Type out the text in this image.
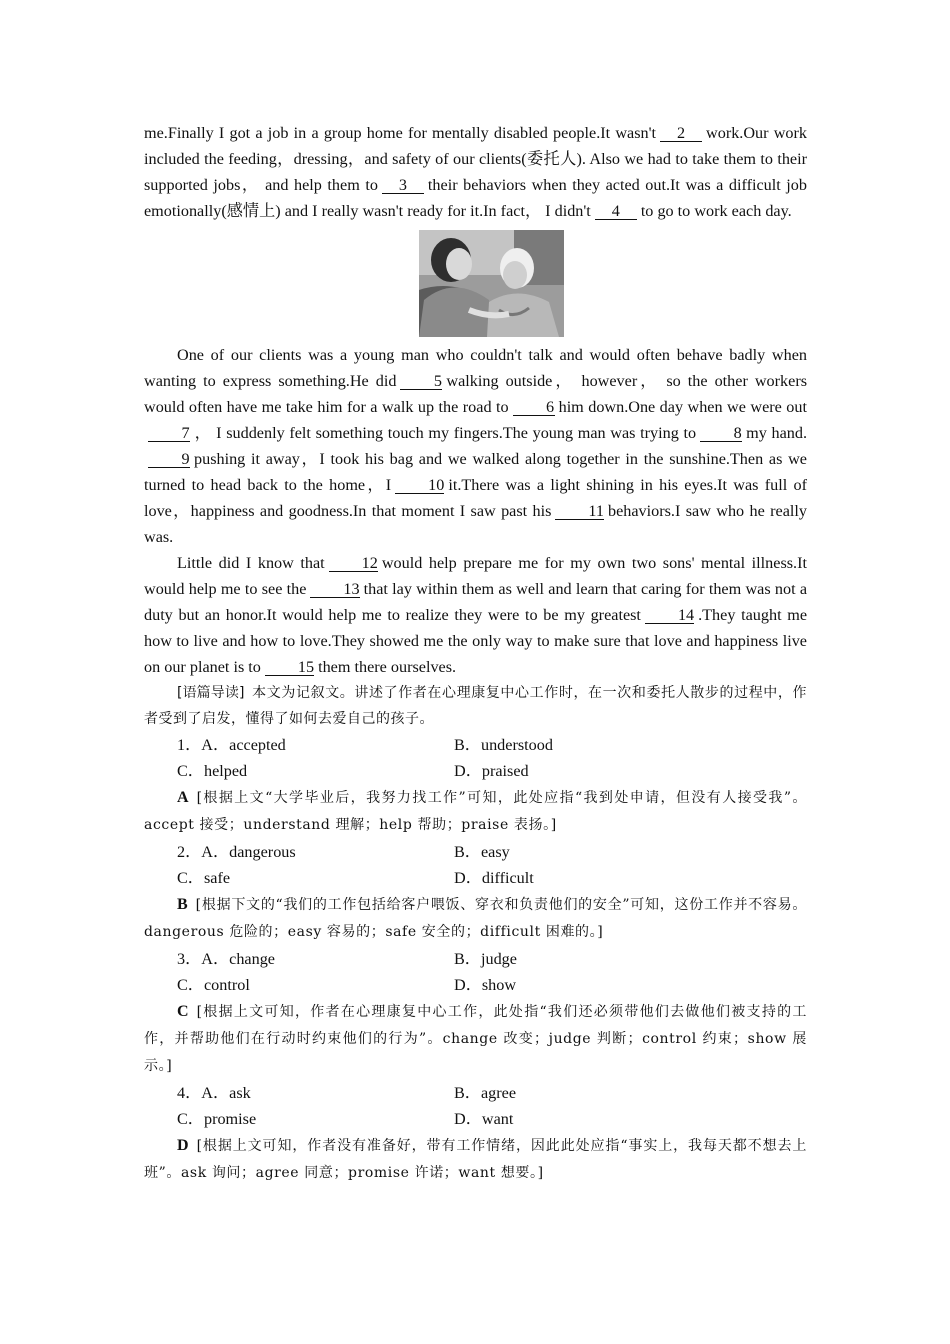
me.Finally I got a job in a group home for mentally disabled people.It wasn't 2 work.Our work included the feeding，dressing，and safety of our clients(委托人). Also we had to take them to their supported jobs， and help them to 3 their behaviors when they acted out.It was a difficult job emotionally(感情上) and I really wasn't ready for it.In fact， I didn't 4 to go to work each day.

One of our clients was a young man who couldn't talk and would often behave badly when wanting to express something.He did 5 walking outside， however， so the other workers would often have me take him for a walk up the road to 6 him down.One day when we were out7 ， I suddenly felt something touch my fingers.The young man was trying to 8 my hand.9 pushing it away，I took his bag and we walked along together in the sunshine.Then as we turned to head back to the home，I 10 it.There was a light shining in his eyes.It was full of love，happiness and goodness.In that moment I saw past his 11 behaviors.I saw who he really was.

Little did I know that 12 would help prepare me for my own two sons' mental illness.It would help me to see the 13 that lay within them as well and learn that caring for them was not a duty but an honor.It would help me to realize they were to be my greatest 14 .They taught me how to live and how to love.They showed me the only way to make sure that love and happiness live on our planet is to 15 them there ourselves.

[语篇导读] 本文为记叙文。讲述了作者在心理康复中心工作时，在一次和委托人散步的过程中，作者受到了启发，懂得了如何去爱自己的孩子。

1．A．accepted	B．understood
C．helped	D．praised

A [根据上文“大学毕业后，我努力找工作”可知，此处应指“我到处申请，但没有人接受我”。accept 接受；understand 理解；help 帮助；praise 表扬。]

2．A．dangerous	B．easy
C．safe	D．difficult

B [根据下文的“我们的工作包括给客户喂饭、穿衣和负责他们的安全”可知，这份工作并不容易。dangerous 危险的；easy 容易的；safe 安全的；difficult 困难的。]

3．A．change	B．judge
C．control	D．show

C [根据上文可知，作者在心理康复中心工作，此处指“我们还必须带他们去做他们被支持的工作，并帮助他们在行动时约束他们的行为”。change 改变；judge 判断；control 约束；show 展示。]

4．A．ask	B．agree
C．promise	D．want

D [根据上文可知，作者没有准备好，带有工作情绪，因此此处应指“事实上，我每天都不想去上班”。ask 询问；agree 同意；promise 许诺；want 想要。]
